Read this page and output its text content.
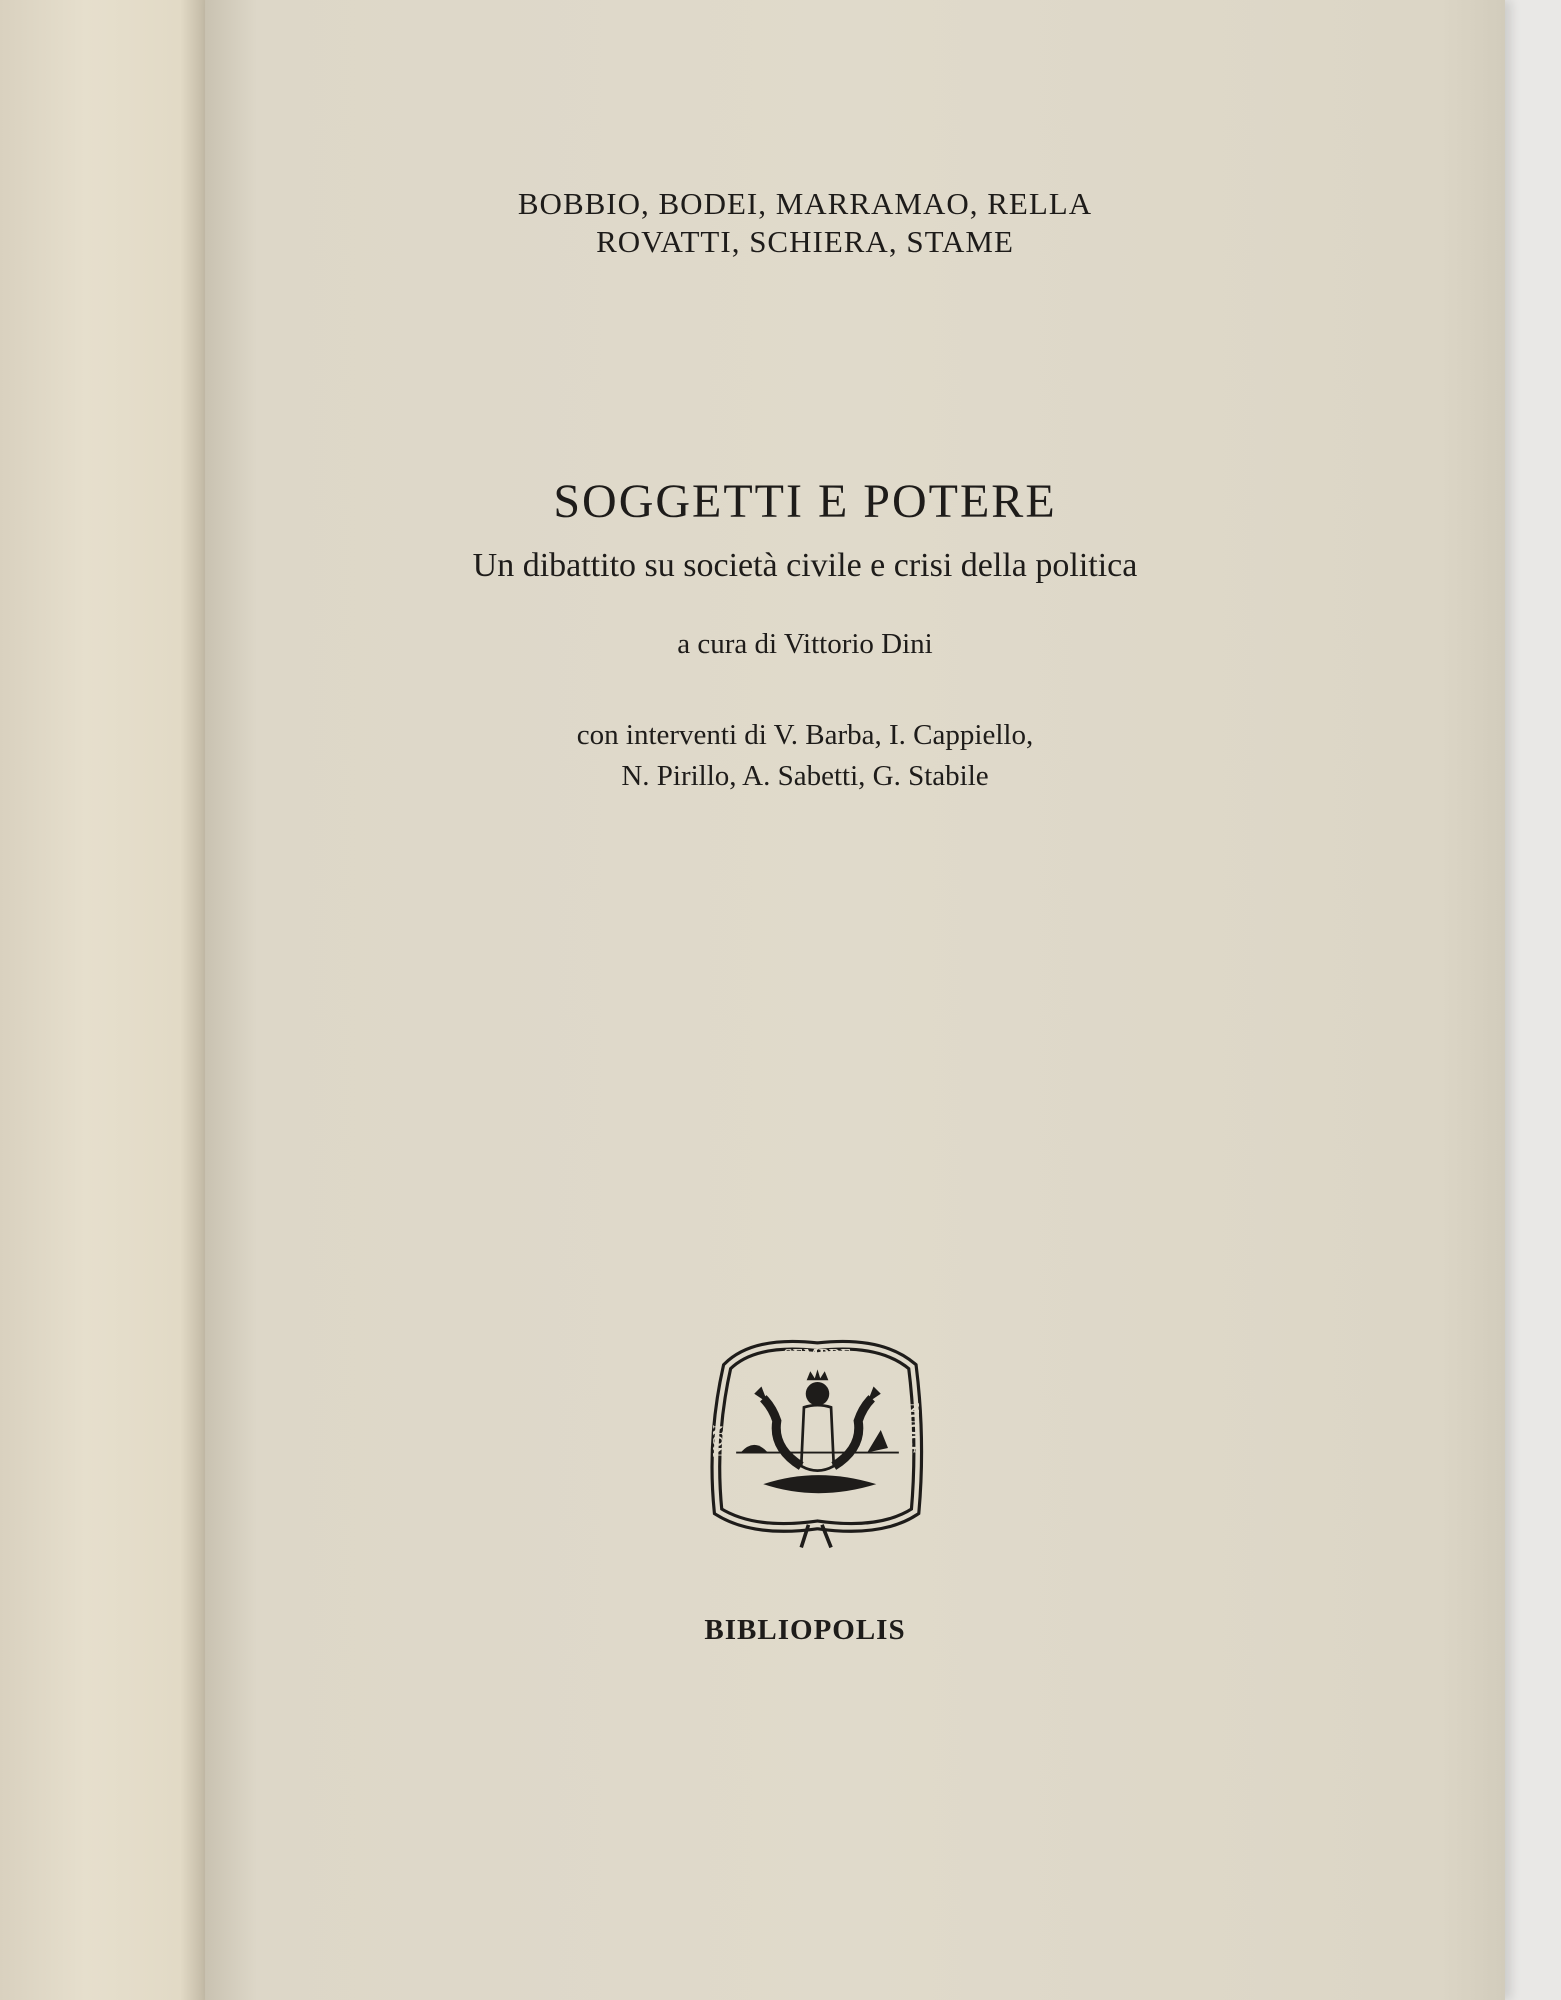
BOBBIO, BODEI, MARRAMAO, RELLA
ROVATTI, SCHIERA, STAME
SOGGETTI E POTERE
Un dibattito su società civile e crisi della politica
a cura di Vittorio Dini
con interventi di V. Barba, I. Cappiello,
N. Pirillo, A. Sabetti, G. Stabile
SEMPRE
NON	NUOCE
BIBLIOPOLIS
